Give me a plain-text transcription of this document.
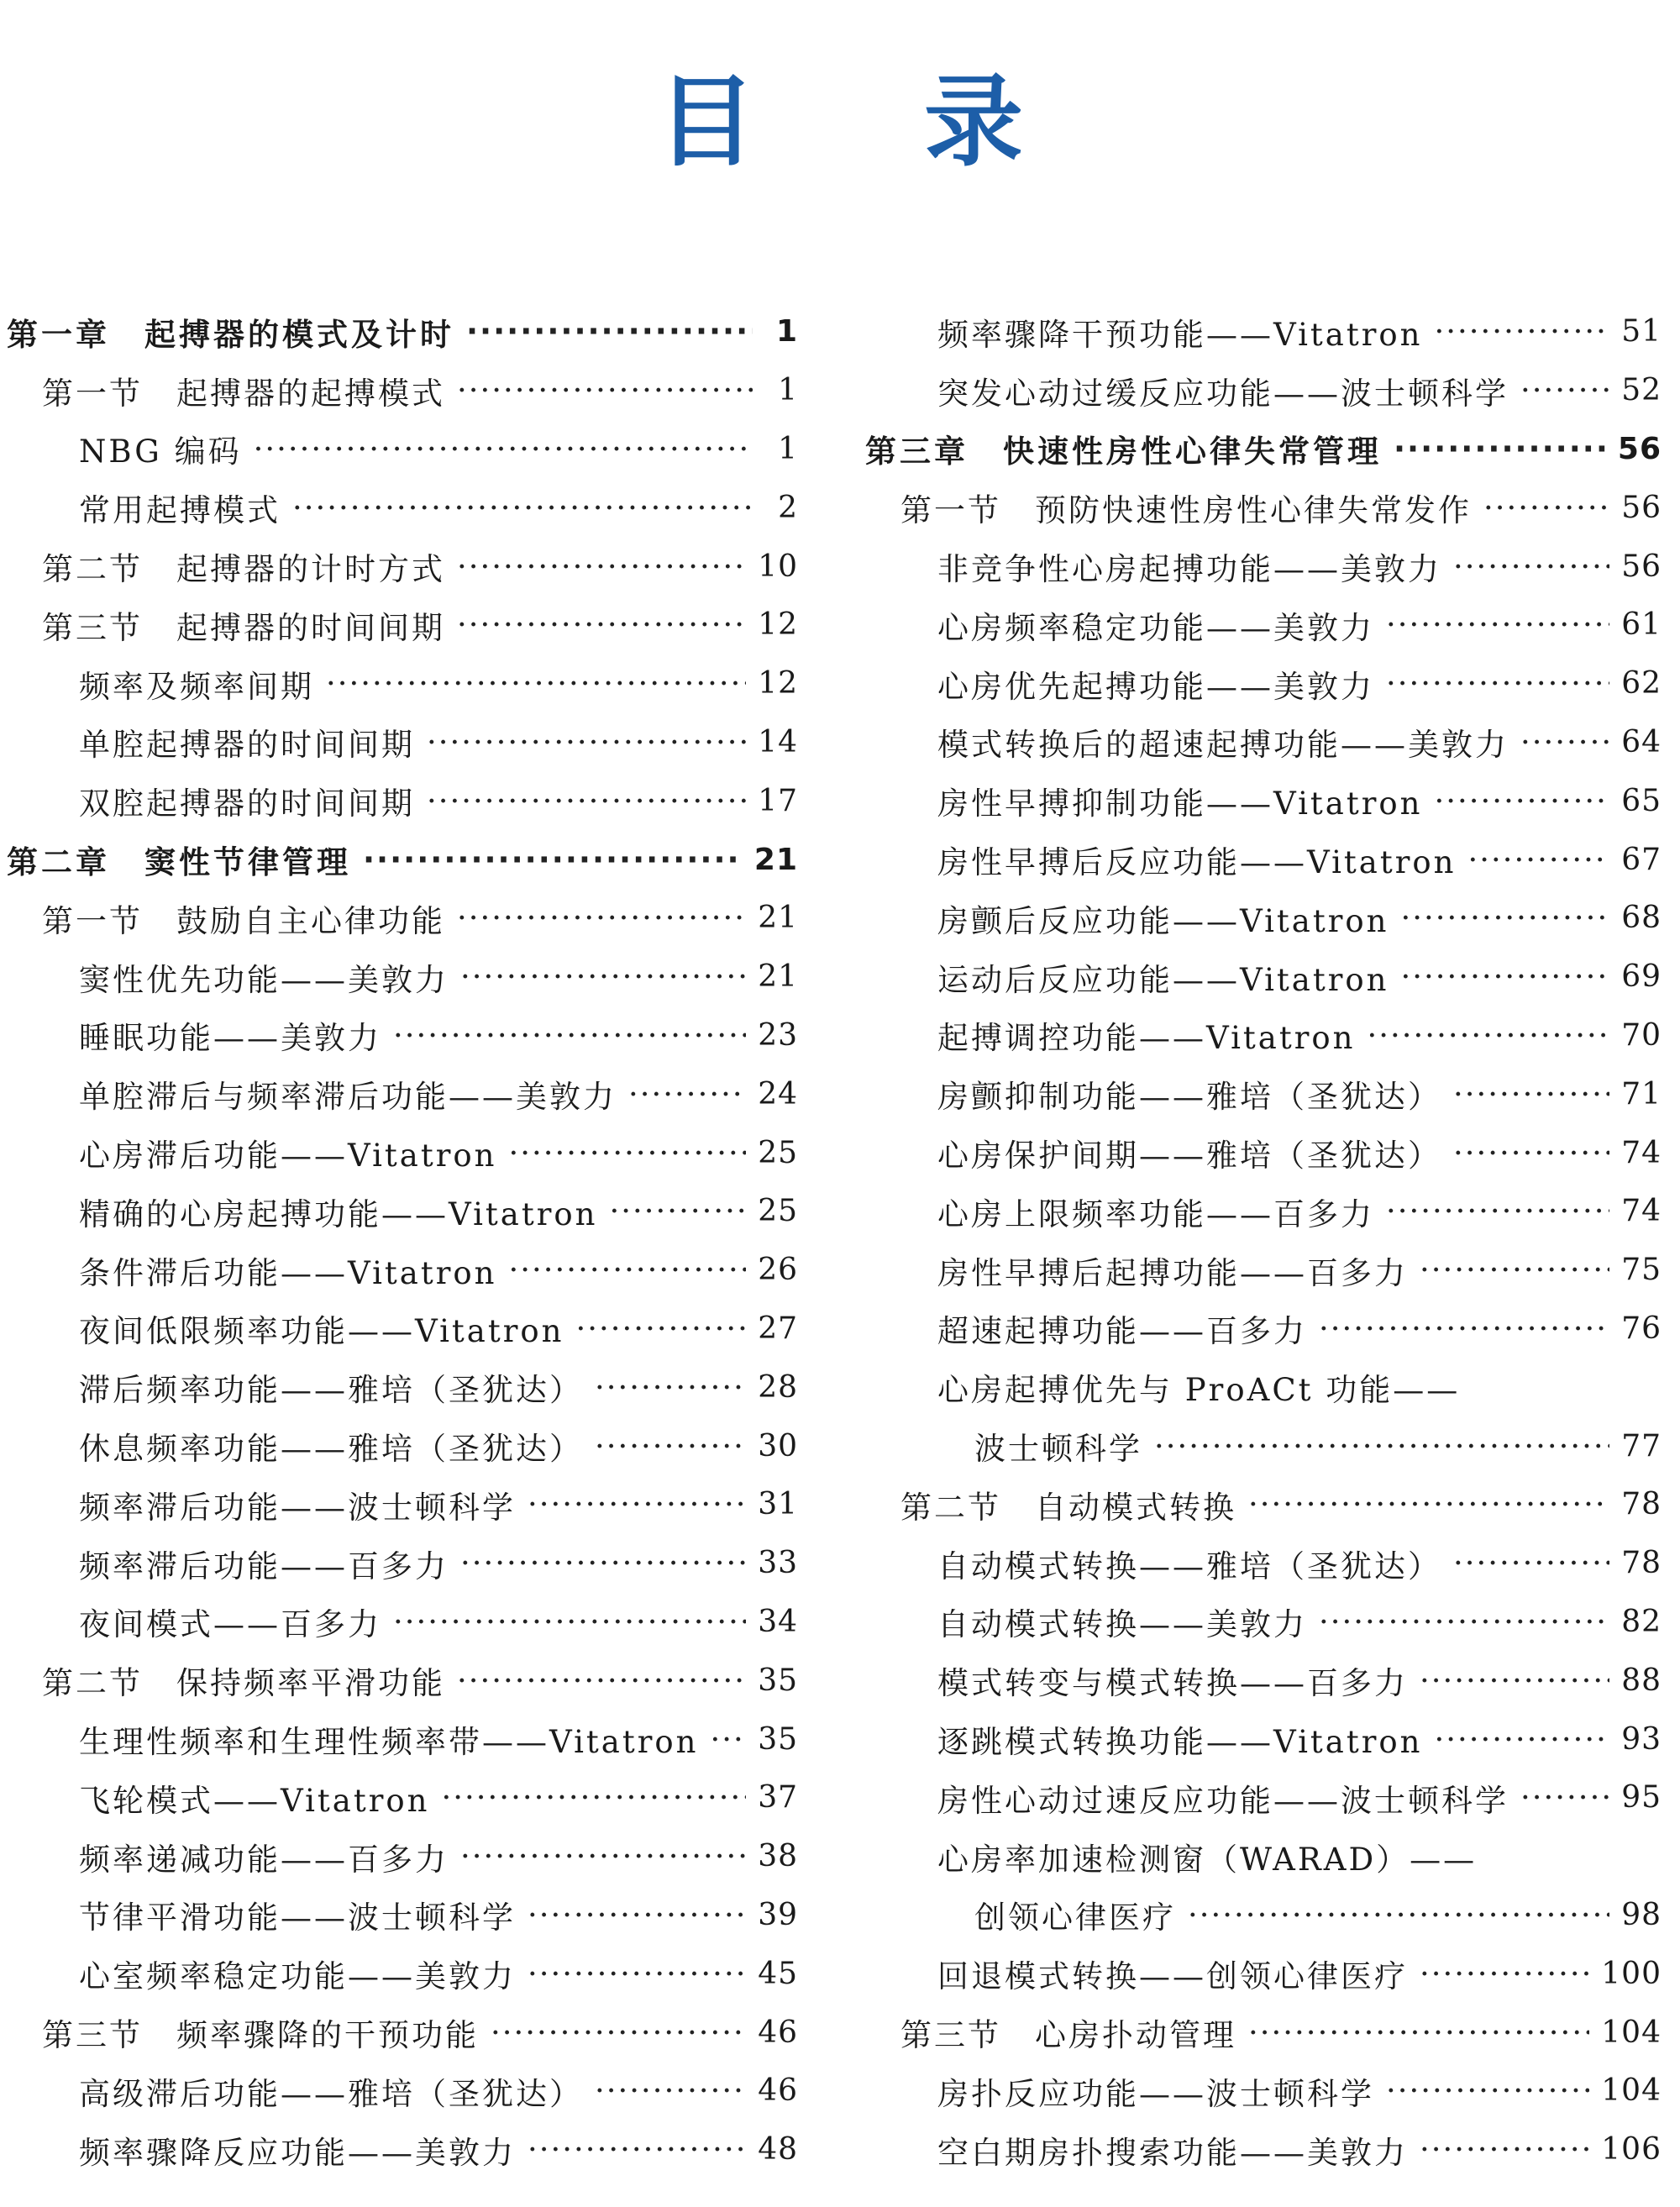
目 录
第一章　起搏器的模式及计时 ·····	1
第一节　起搏器的起搏模式 ·····	1
NBG 编码 ·····	1
常用起搏模式 ·····	2
第二节　起搏器的计时方式 ·····	10
第三节　起搏器的时间间期 ·····	12
频率及频率间期 ·····	12
单腔起搏器的时间间期 ·····	14
双腔起搏器的时间间期 ·····	17
第二章　窦性节律管理 ·····	21
第一节　鼓励自主心律功能 ·····	21
窦性优先功能——美敦力 ·····	21
睡眠功能——美敦力 ·····	23
单腔滞后与频率滞后功能——美敦力 ·····	24
心房滞后功能——Vitatron ·····	25
精确的心房起搏功能——Vitatron ·····	25
条件滞后功能——Vitatron ·····	26
夜间低限频率功能——Vitatron ·····	27
滞后频率功能——雅培（圣犹达） ·····	28
休息频率功能——雅培（圣犹达） ·····	30
频率滞后功能——波士顿科学 ·····	31
频率滞后功能——百多力 ·····	33
夜间模式——百多力 ·····	34
第二节　保持频率平滑功能 ·····	35
生理性频率和生理性频率带——Vitatron ····· 35
飞轮模式——Vitatron ·····	37
频率递减功能——百多力 ·····	38
节律平滑功能——波士顿科学 ·····	39
心室频率稳定功能——美敦力 ·····	45
第三节　频率骤降的干预功能 ·····	46
高级滞后功能——雅培（圣犹达） ·····	46
频率骤降反应功能——美敦力 ·····	48
频率骤降干预功能——Vitatron ·····	51
突发心动过缓反应功能——波士顿科学 ·····	52
第三章　快速性房性心律失常管理 ·····	56
第一节　预防快速性房性心律失常发作 ·····	56
非竞争性心房起搏功能——美敦力 ·····	56
心房频率稳定功能——美敦力 ·····	61
心房优先起搏功能——美敦力 ·····	62
模式转换后的超速起搏功能——美敦力 ·····	64
房性早搏抑制功能——Vitatron ·····	65
房性早搏后反应功能——Vitatron ·····	67
房颤后反应功能——Vitatron ·····	68
运动后反应功能——Vitatron ·····	69
起搏调控功能——Vitatron ·····	70
房颤抑制功能——雅培（圣犹达） ·····	71
心房保护间期——雅培（圣犹达） ·····	74
心房上限频率功能——百多力 ·····	74
房性早搏后起搏功能——百多力 ·····	75
超速起搏功能——百多力 ·····	76
心房起搏优先与 ProACt 功能——
波士顿科学 ·····	77
第二节　自动模式转换 ·····	78
自动模式转换——雅培（圣犹达） ·····	78
自动模式转换——美敦力 ·····	82
模式转变与模式转换——百多力 ·····	88
逐跳模式转换功能——Vitatron ·····	93
房性心动过速反应功能——波士顿科学 ·····	95
心房率加速检测窗（WARAD）——
创领心律医疗 ·····	98
回退模式转换——创领心律医疗 ·····	100
第三节　心房扑动管理 ·····	104
房扑反应功能——波士顿科学 ·····	104
空白期房扑搜索功能——美敦力 ·····	106
